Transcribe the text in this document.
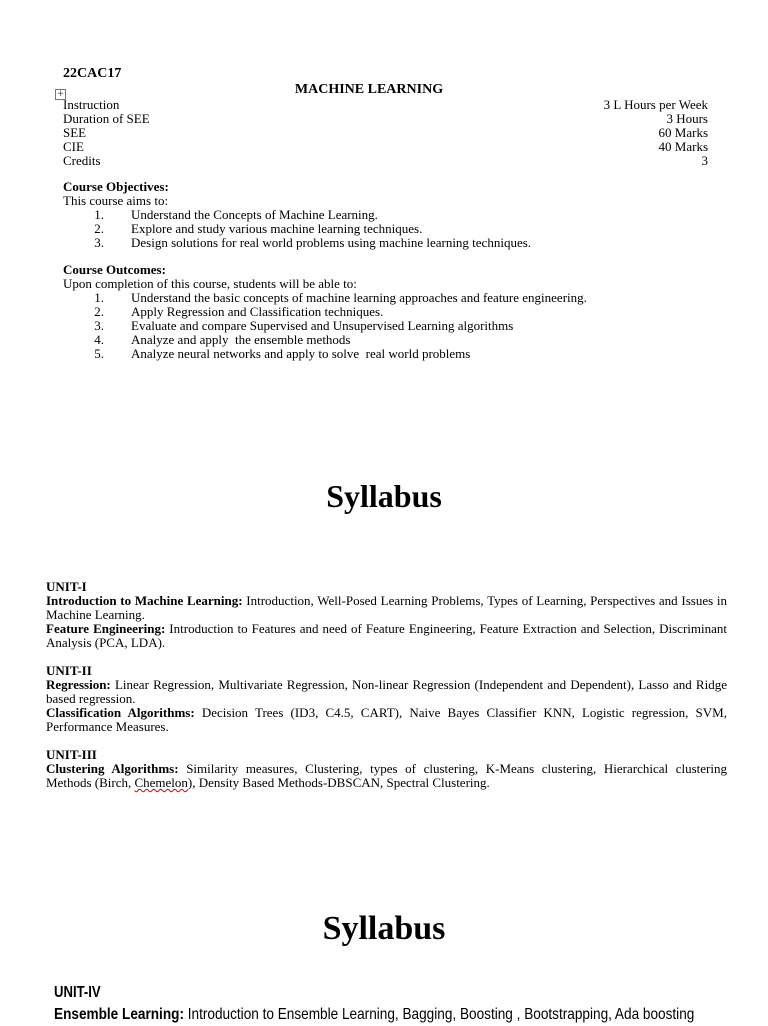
22CAC17
+	MACHINE LEARNING
Instruction	3 L Hours per Week
Duration of SEE	3 Hours
SEE	60 Marks
CIE	40 Marks
Credits	3
Course Objectives:
This course aims to:
1.	Understand the Concepts of Machine Learning.
2.	Explore and study various machine learning techniques.
3.	Design solutions for real world problems using machine learning techniques.
Course Outcomes:
Upon completion of this course, students will be able to:
1.	Understand the basic concepts of machine learning approaches and feature engineering.
2.	Apply Regression and Classification techniques.
3.	Evaluate and compare Supervised and Unsupervised Learning algorithms
4.	Analyze and apply  the ensemble methods
5.	Analyze neural networks and apply to solve  real world problems
Syllabus
UNIT-I
Introduction to Machine Learning: Introduction, Well-Posed Learning Problems, Types of Learning, Perspectives and Issues in Machine Learning.
Feature Engineering: Introduction to Features and need of Feature Engineering, Feature Extraction and Selection, Discriminant Analysis (PCA, LDA).
UNIT-II
Regression: Linear Regression, Multivariate Regression, Non-linear Regression (Independent and Dependent), Lasso and Ridge based regression.
Classification Algorithms: Decision Trees (ID3, C4.5, CART), Naive Bayes Classifier KNN, Logistic regression, SVM, Performance Measures.
UNIT-III
Clustering Algorithms: Similarity measures, Clustering, types of clustering, K-Means clustering, Hierarchical clustering Methods (Birch, Chemelon), Density Based Methods-DBSCAN, Spectral Clustering.
Syllabus
UNIT-IV
Ensemble Learning: Introduction to Ensemble Learning, Bagging, Boosting , Bootstrapping, Ada boosting
